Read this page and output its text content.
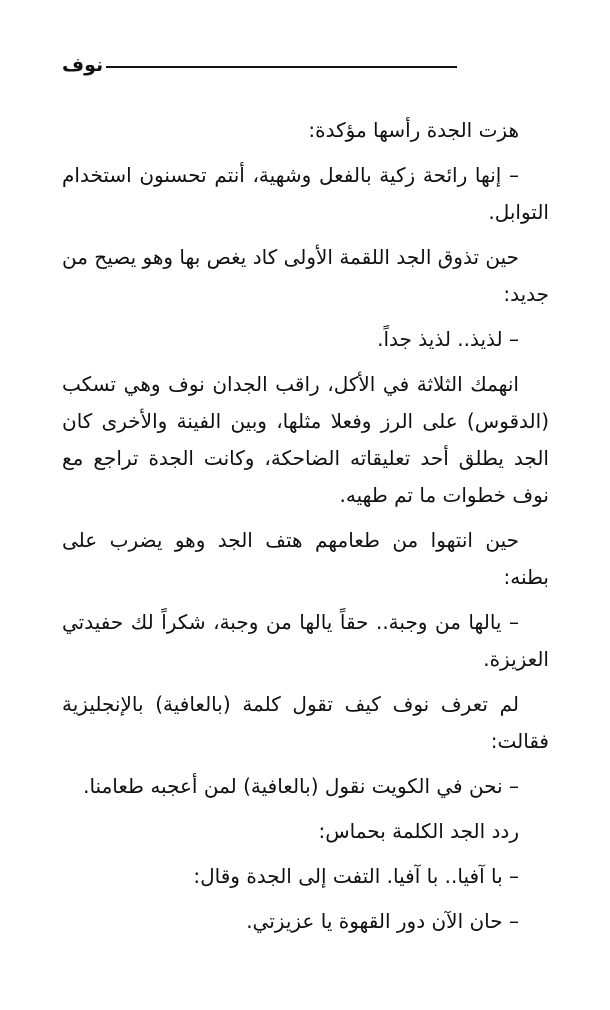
نوف

هزت الجدة رأسها مؤكدة:

– إنها رائحة زكية بالفعل وشهية، أنتم تحسنون استخدام التوابل.

حين تذوق الجد اللقمة الأولى كاد يغص بها وهو يصيح من جديد:

– لذيذ.. لذيذ جداً.

انهمك الثلاثة في الأكل، راقب الجدان نوف وهي تسكب (الدقوس) على الرز وفعلا مثلها، وبين الفينة والأخرى كان الجد يطلق أحد تعليقاته الضاحكة، وكانت الجدة تراجع مع نوف خطوات ما تم طهيه.

حين انتهوا من طعامهم هتف الجد وهو يضرب على بطنه:

– يالها من وجبة.. حقاً يالها من وجبة، شكراً لك حفيدتي العزيزة.

لم تعرف نوف كيف تقول كلمة (بالعافية) بالإنجليزية فقالت:

– نحن في الكويت نقول (بالعافية) لمن أعجبه طعامنا.

ردد الجد الكلمة بحماس:

– با آفيا.. با آفيا. التفت إلى الجدة وقال:

– حان الآن دور القهوة يا عزيزتي.
